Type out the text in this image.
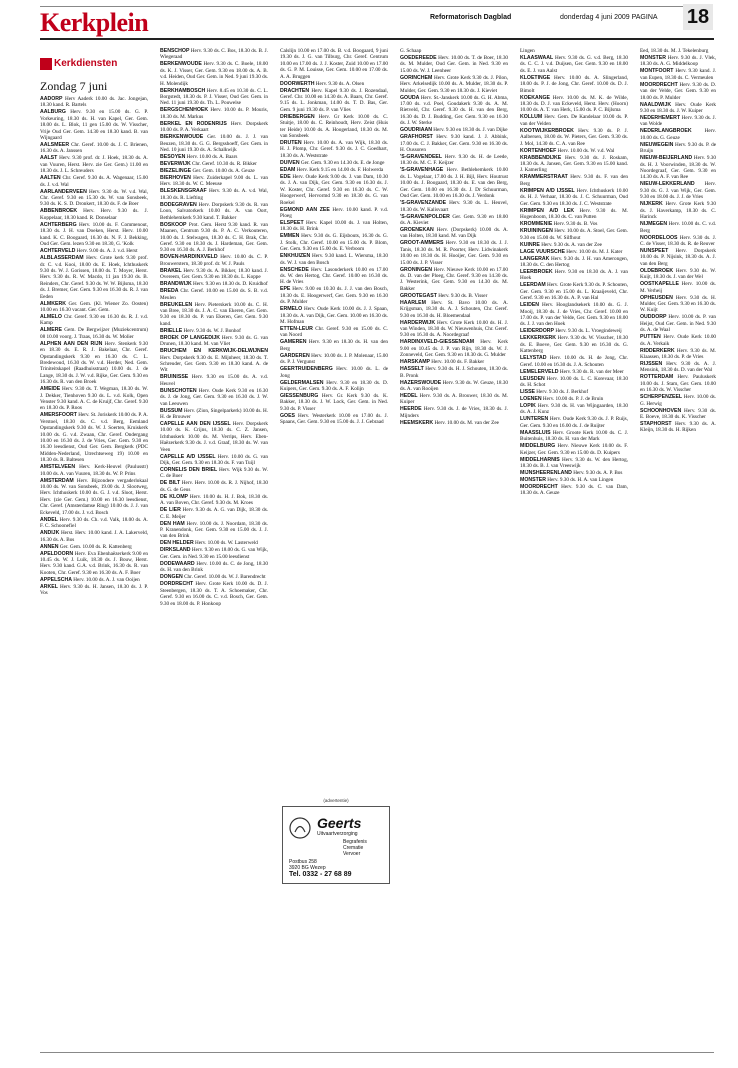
Kerkplein	Reformatorisch Dagblad	donderdag 4 juni 2009 PAGINA 18
Kerkdiensten
Zondag 7 juni

AADORP Herv Aaderk 10.00 ds. Jac. Jongejan, 18.30 kand. R. Bartels

AALBURG Herv. 9.30 en 15.00 ds. G. P. Vorkeuring, 18.30 ds. H. van Kapel, Ger. Gem. 18.00 ds. L. Blok, 11 gen 15.00 ds. W. Visscher, Vrije Oud Ger. Gem. 14.30 en 18.30 kand. B. van Wijngaard

AALSMEER Chr. Geref. 10.00 ds. J. C. Brienen, 16.30 ds. A. Janssen

AALST Herv. 9.30 prof. dr. J. Hoek, 18.30 ds. A. van Vuuren, Herst. Herv. zie Ger. Gem.) 11.00 en 18.30 ds. J. L. Schreuders

AALTEN Chr. Geref. 9.30 ds. A. Wagenaar, 15.00 ds. J. v.d. Wal

AARLANDERVEEN Herv. 9.30 ds. W. v.d. Wal, Chr. Geref. 9.30 en 15.30 ds. W. van Sonsbeek, 9.30 ds. K. S. D. Dronkert, 18.30 ds. F. de Boer

ABBENBROEK Herv. Herv. 9.30 ds. J. Koppelaar, 18.30 kand. R. Donselaar

ACHTERBERG Herv. 10.00 ds. F. Commenout, 18.30 ds. J. H. van Doeken, Herst. Herv. 10.00 kand. K. C. Boogaard, 16.30 ds. N. F. J. Bekking, Oud Ger. Gem. lezen 9.30 en 18.30, G. 'Kolk

ACHTERVELD Herv. 9.00 ds. A. J. v.d. Herst

ALBLASSERDAM Herv. Grote kerk 9.30 prof. dr. C. v.d. Kooi, 18.00 ds. E. Hoek, Ichthuskerk 9.30 ds. W. J. Gorissen, 18.00 ds. T. Moyer, Herst. Herv. 9.30 ds. R. W. Macdo, 11 jan 19.30 ds. B. Reinders, Chr. Geref. 9.30 ds. W. W. Bijlsma, 18.30 ds. J. Bremer, Ger. Gem. 9.30 en 16.30 ds. R. J. van Eeden

ALMKERK Ger. Gem. (Kl. Wiener Zo. Oosten) 10.00 en 16.30 vacant. Ger. Gem.

ALMELO Chr. Geref. 9.30 en 16.30 ds. R. J. v.d. Kamp

ALMERE Gem. De Bergwijzer (Muziekcentrum) 08 10.00 voorg. J. Traas, 16.30 ds. W. Molier

ALPHEN AAN DEN RIJN Herv. Stenkerk 9.30 en 18.30 ds. E. R. J. Bakelaar, Chr. Geref. Opstandingskerk 9.30 en 16.30 ds. C. L. Bredewoud, 16.30 ds. W. v.d. Herder, Ned. Gem. Triniteitskapel (Raadhuisstraat) 10.00 ds. J. de Lange, 18.30 ds. J. W. v.d. Rijke, Ger. Gem. 9.30 en 16.30 ds. R. van den Broek

AMEIDE Herv. 9.30 ds. T. Wegman, 18.30 ds. W. J. Dekker, Tienhoven 9.30 ds. L. v.d. Kolk, Open Venster 9.30 kand. A. C. de Kruijf, Chr. Geref. 9.30 en 18.30 ds. P. Roos

AMERSFOORT Herv. St. Joriskerk 10.00 ds. P. A. Verstoel, 18.30 ds. C. v.d. Berg, Eemland Opstandingskerk 9.30 ds. W. J. Soerten, Kruiskerk 10.00 ds. G. v.d. Zwaan, Chr. Geref. Ondergang 10.00 en 16.30 ds. J. de Vries, Ger. Gem. 9.30 en 16.30 leesdienst, Oud Ger. Gem. Bergkerk (PDC Midden-Nederland, Utrechtseweg 19) 10.00 en 18.30 ds. R. Baltesen

AMSTELVEEN Herv. Kerk-Heuvel (Paulusstr) 10.00 ds. A. van Vuuren, 18.30 ds. W. P. Prins

AMSTERDAM Herv. Bijzondere vergaderlokaal 10.00 ds. W. van Sonsbeek, 19.00 ds. J. Slootweg, Herv. Ichthuskerk 10.00 ds. G. J. v.d. Sloot, Herst. Herv. (zie Ger. Gem.) 10.00 en 16.30 leesdienst, Chr. Geref. (Amsterdamse Ring) 10.00 ds. J. J. van Eckeveld, 17.00 ds. J. v.d. Bosch

ANDEL Herv. 9.30 ds. Ch. v.d. Valk, 18.00 ds. A. F. C. Schoonefiel

ANDIJK Herst. Herv. 10.00 kand. J. A. Lakerveld, 16.30 ds. A. Bos

ANNEN Ger. Gem. 10.00 ds. R. Kattenberg

APELDOORN Herv. Eva Ebenhaëzerkerk 9.00 en 10.45 ds. W. J. Luik, 18.30 ds. J. Bouw, Herst. Herv. 9.30 kand. G.A. v.d. Brink, 16.30 ds. R. van Kooten, Chr. Geref. 9.30 en 16.30 ds. A. F. Boer

APPELSCHA Herv. 10.00 ds. A. J. van Ooijen

ARKEL Herv. 9.30 ds. H. Jansen, 18.30 ds. J. P. Vos

BENSCHOP Herv. 9.30 ds. C. Bos, 18.30 ds. B. J. Wiegeraad

BERKENWOUDE Herv. 9.30 ds. C. Boele, 18.00 ds. K. J. Visser, Ger. Gem. 9.30 en 18.00 ds. A. B. v.d. Heiden, Oud Ger. Gem. in Ned. 9 juni 19.30 ds. H. Molendijk

BERKHAMBOSCH Herv. 8.45 en 10.30 ds. C. L. Borgstedt, 18.30 ds. P. J. Visser, Oud Ger. Gem. in Ned. 11 juni 19.30 ds. Th. L. Pouwelse

BERGSCHENHOEK Herv. 10.00 ds. P. Mouris, 18.30 ds. M. Markus

BERKEL EN RODENRIJS Herv. Dorpskerk 10.00 ds. P. A. Verkaart

BIERKENWOUDE Ger. 10.00 ds. J. J. van Beuzen, 18.30 ds. G. G. Bergsshoeff, Ger. Gem. in Ned. 10 juni 19.30 ds. A. Schalkwijk

BESOYEN Herv. 10.00 ds. A. Baars

BEVERWIJK Chr. Geref. 10.30 ds. R. Bikker

BIEZELINGE Ger. Gem. 10.00 ds. A. Geuze

BIERHOVEN Herv. Zuiderkapel 9.00 ds. L. van Herv. 18.30 ds. W. C. Meeuse

BLESKENSGRAAF Herv. 9.30 ds. A. v.d. Wal, 18.30 ds. R. Liefting

BODEGRAVEN Herv. Dorpskerk 9.30 ds. R. van Loon, Salvatorkerk 10.00 ds. A. van Oort, Bethlehemkerk 9.30 kand. T. Bakker

BOSKOOP Prot. Gem. Herst 9.30 kand. R. van Maanen, Centrum 9.30 ds. P. A. C. Verkouteren, 10.00 ds. J. Stelwagen, 18.30 ds. C. H. Brak, Chr. Geref. 9.30 en 18.30 ds. J. Hardeman, Ger. Gem. 9.30 en 16.30 ds. A. J. Berkhof

BOVEN-HARDINXVELD Herv. 10.00 ds. C. P. Brouwerstern, 18.30 prof. dr. W. J. Pauls

BRAKEL Herv. 9.30 ds. A. Bikker, 18.30 kand. J. Overeem, Ger. Gem. 9.30 en 18.30 ds. L. Koppe

BRANDWIJK Herv. 9.30 en 18.30 ds. D. Kruidhof

BREDA Chr. Geref. 10.00 en 15.00 ds. S. B. v.d. Meulen

BREUKELEN Herv. Pieterskerk 10.00 ds. C. H. van Bree, 18.30 ds. J. A. C. van Ekeren, Ger. Gem. 9.30 en 18.30 ds. P. van Ekeren, Ger. Gem. 9.30 kand.

BRIELLE Herv. 9.30 ds. W. J. Bonhof

BROEK OP LANGEDIJK Herv. 9.30 ds. G. van Drunen, 18.30 kand. M. van Vliet

BRUCHEM EN KERKWIJK-DELWIJNEN Herv. Dorpskerk 9.30 ds. E. Mijnheer, 18.30 ds. T. Schreuder, Ger. Gem. 9.30 en 18.30 kand. A. de Wit

BRUINISSE Herv. 9.30 en 15.00 ds. A. v.d. Heuvel

BUNSCHOTEN Herv. Oude Kerk 9.30 en 16.30 ds. J. de Jong, Ger. Gem. 9.30 en 16.30 ds. J. W. van Leeuwen

BUSSUM Herv. (Zion, Singelparkerk) 10.00 ds. H. H. de Brouwer

CAPELLE AAN DEN IJSSEL Herv. Dorpskerk 10.00 ds. K. Crijns, 18.30 ds. C. Z. Jansen, Ichthuskerk 10.00 ds. M. Verrips, Herv. Eben-Haëzerkerk 9.30 ds. J. v.d. Graaf, 18.30 ds. W. van Veen

CAPELLE A/D IJSSEL Herv. 10.00 ds. G. van Dijk, Ger. Gem. 9.30 en 18.30 ds. F. van Tuijl

CORNELIS DEN BRIEL Herv. Wijk 9.30 ds. W. C. de Boer

DE BILT Herv. Herv. 10.00 ds. R. J. Nijhof, 18.30 ds. G. de Geus

DE KLOMP Herv. 10.00 ds. H. J. Bok, 18.30 ds. A. van Boven, Chr. Geref. 9.30 ds. M. Kroes

DE LIER Herv. 9.30 ds. A. G. van Dijk, 18.30 ds. C. E. Meijer

DEN HAM Herv. 10.00 ds. J. Noordam, 18.30 ds. P. Kranendonk, Ger. Gem. 9.30 en 15.00 ds. J. J. van den Brink

DEN HELDER Herv. 10.00 ds. W. Lasterweld

DIRKSLAND Herv. 9.30 en 18.00 ds. G. van Wijk, Ger. Gem. in Ned. 9.30 en 15.00 leesdienst

DODEWAARD Herv. 10.00 ds. C. de Jong, 18.30 ds. H. van den Brink

DONGEN Chr. Geref. 10.00 ds. W. J. Barendrecht

DORDRECHT Herv. Grote Kerk 10.00 ds. D. J. Steenbergen, 18.30 ds. T. A. Schoemaker, Chr. Geref. 9.30 en 16.00 ds. C. v.d. Bosch, Ger. Gem. 9.30 en 18.00 ds. P. Honkoop

Calslijn 10.00 en 17.00 ds. B. v.d. Boogaard, 9 juni 19.30 ds. J. G. van Tilburg, Chr. Geref. Centrum 10.00 en 17.00 ds. J. J. Koster, Zuid 10.00 en 17.00 ds. G. P. M. Louisse, Ger. Gem. 10.00 en 17.00 ds. A. A. Bruggen

DOORWERTH Herv. 9.30 ds. A. Olsen

DRACHTEN Herv. Kapel 9.30 ds. J. Rozendaal, Geref. Chr. 10.00 en 14.30 ds. A. Baars, Chr. Geref. 9.15 ds. L. Jonkman, 14.00 ds. T. D. Bas, Ger. Gem. 9 juni 19.30 ds. P. van Vlies

DRIEBERGEN Herv. Gr Kerk 10.00 ds. C. Stuitje, 18.00 ds. C. Reinhoudt, Herv. Zeist (Huis ter Heide) 10.00 ds. A. Hoogerland, 18.30 ds. M. van Sonsbeek

DRUTEN Herv. 10.00 ds. A. van Wijk, 18.30 ds. H. J. Plomp, Chr. Geref. 9.30 ds. J. C. Goedhart, 18.30 ds. A. Weststrate

DUIVEN Ger. Gem. 9.30 en 14.30 ds. E. de Jonge

EDAM Herv. Kerk 9.15 en 14.00 ds. F. Holwerda

EDE Herv. Oude Kerk 9.00 ds. J. van Dam, 10.30 ds. J. A. van Dijk, Ger. Gem. 9.30 en 16.30 ds. J. W. Koster, Chr. Geref. 9.30 en 16.30 ds. C. W. Hoogerwerf, Hervormd 9.30 en 18.30 ds. G. van Roekel

EGMOND AAN ZEE Herv. 10.00 kand. P. v.d. Ploeg

ELSPEET Herv. Kapel 10.00 ds. J. van Holten, 18.30 ds. H. Brink

EMMEN Herv. 9.30 ds. G. Eijsbouts, 16.30 ds. G. J. Stolk, Chr. Geref. 10.00 en 15.00 ds. P. Blom, Ger. Gem. 9.30 en 15.00 ds. E. Verboom

ENKHUIZEN Herv. 9.30 kand. L. Wiersma, 18.30 ds. W. J. van den Bosch

ENSCHEDE Herv. Lasonderkerk 10.00 en 17.00 ds. W. den Hertog, Chr. Geref. 10.00 en 16.30 ds. H. de Vries

EPE Herv. 9.00 en 10.30 ds. J. J. van den Bosch, 18.30 ds. E. Hoogerwerf, Ger. Gem. 9.30 en 16.30 ds. P. Mulder

ERMELO Herv. Oude Kerk 10.00 ds. J. J. Spaan, 18.30 ds. A. van Dijk, Ger. Gem. 10.00 en 16.30 ds. M. Hofman

ETTEN-LEUR Chr. Geref. 9.30 en 15.00 ds. C. van Noord

GAMEREN Herv. 9.30 en 18.30 ds. H. van den Berg

GARDEREN Herv. 10.00 ds. J. P. Molenaar, 15.00 ds. P. J. Vergunst

GEERTRUIDENBERG Herv. 10.00 ds. L. de Jong

GELDERMALSEN Herv. 9.30 en 18.30 ds. D. Kuipers, Ger. Gem. 9.30 ds. A. F. Kolijn

GIESSENBURG Herv. Gr. Kerk 9.30 ds. K. Bakker, 18.30 ds. J. W. Lock, Ger. Gem. in Ned. 9.30 ds. P. Visser

GOES Herv. Westerkerk 10.00 en 17.00 ds. J. Spaans, Ger. Gem. 9.30 en 15.00 ds. J. J. Gebraad

G. Schaap

GOEDEREEDE Herv. 10.00 ds. T. de Boer, 18.30 ds. M. Mulder, Oud Ger. Gem. in Ned. 9.30 en 15.00 ds. W. J. Leenheer

GORINCHEM Herv. Grote Kerk 9.30 ds. J. Pilon, Herv. Arkelsedijk 10.00 ds. A. Mulder, 18.30 ds. P. Mulder, Ger. Gem. 9.30 en 18.30 ds. J. Kieviet

GOUDA Herv. St.-Janskerk 10.00 ds. G. H. Abma, 17.00 ds. v.d. Poel, Goudakerk 9.30 ds. A. M. Rietveld, Chr. Geref. 9.30 ds. H. van den Berg, 16.30 ds. D. J. Budding, Ger. Gem. 9.30 en 16.30 ds. J. W. Sterke

GOUDRIAAN Herv. 9.30 en 18.30 ds. J. van Dijke

GRAFHORST Herv. 9.30 kand. J. J. Abbink, 17.00 ds. C. J. Bakker, Ger. Gem. 9.30 en 16.30 ds. H. Oussoren

'S-GRAVENDEEL Herv. 9.30 ds. H. de Leede, 18.30 ds. M. C. F. Keijzer

'S-GRAVENHAGE Herv. Bethlehemkerk 10.00 ds. L. Vogelaar, 17.00 ds. J. H. Bijl, Herv. Houtrust 10.00 ds. J. Boogaard, 18.30 ds. E. van den Berg, Ger. Gem. 10.00 en 16.30 ds. J. Dr Schuurman, Oud Ger. Gem. 10.00 en 16.30 ds. J. Verdonk

'S-GRAVENZANDE Herv. 9.30 ds. L. Heuvel, 18.30 ds. W. Kalisvaart

'S-GRAVENPOLDER Ger. Gem. 9.30 en 18.00 ds. A. Kieviet

GROENEKAN Herv. (Dorpskerk) 10.00 ds. A. van Holten, 18.30 kand. M. van Dijk

GROOT-AMMERS Herv. 9.30 en 18.30 ds. J. J. Tanis, 18.30 ds. M. R. Poorter, Herv. Lidwinakerk 10.00 en 18.30 ds. H. Hooijer, Ger. Gem. 9.30 en 15.00 ds. J. P. Visser

GRONINGEN Herv. Nieuwe Kerk 10.00 en 17.00 ds. D. van der Ploeg, Chr. Geref. 9.30 en 14.30 ds. J. Westerink, Ger. Gem. 9.30 en 14.30 ds. M. Bakker

GROOTEGAST Herv. 9.30 ds. B. Visser

HAARLEM Herv. St. Bavo 10.00 ds. A. Krijgsman, 18.30 ds. A. J. Schouten, Chr. Geref. 9.30 en 16.30 ds. H. Bloemendaal

HARDERWIJK Herv. Grote Kerk 10.00 ds. H. J. van Winden, 18.30 ds. W. Nieuwenhuis, Chr. Geref. 9.30 en 16.30 ds. A. Noordegraaf

HARDINXVELD-GIESSENDAM Herv. Kerk 9.00 en 10.45 ds. J. P. van Rijn, 18.30 ds. W. J. Zonneveld, Ger. Gem. 9.30 en 18.30 ds. G. Mulder

HARSKAMP Herv. 10.00 ds. F. Bakker

HASSELT Herv. 9.30 ds. H. J. Schouten, 18.30 ds. B. Pronk

HAZERSWOUDE Herv. 9.30 ds. W. Geuze, 18.30 ds. A. van Rooijen

HEDEL Herv. 9.30 ds. A. Brouwer, 18.30 ds. M. Kuiper

HEERDE Herv. 9.30 ds. J. de Vries, 18.30 ds. J. Mijnders

HEEMSKERK Herv. 10.00 ds. M. van der Zee

Lingen

KLAASWAAL Herv. 9.30 ds. G. v.d. Berg, 18.30 ds. C. C. J. v.d. Duijsen, Ger. Gem. 9.30 en 18.00 ds. E. J. van Aalst

KLOETINGE Herv. 10.00 ds. A. Slingerland, 18.00 ds. P. J. de Jong, Chr. Geref. 10.00 ds. D. J. Bimolt

KOEKANGE Herv. 10.00 ds. M. K. de Wilde, 18.30 ds. D. J. van Eckeveld, Herst. Herv. (Hoorn) 10.00 ds. A. T. van Herk, 15.00 ds. P. C. Bijlsma

KOLLUM Herv. Gem. De Kandelaar 10.00 ds. P. van der Velden

KOOTWIJKERBROEK Herv. 9.30 ds. P. J. Aalbersen, 18.00 ds. W. Pieters, Ger. Gem. 9.30 ds. J. Mol, 14.30 ds. C. A. van Ree

KORTENHOEF Herv. 10.00 ds. W. v.d. Wal

KRABBENDIJKE Herv. 9.30 ds. J. Roskam, 18.30 ds. A. Jansen, Ger. Gem. 9.30 en 15.00 kand. J. Kamerling

KRAMMERSTRAAT Herv. 9.30 ds. F. van den Berg

KRIMPEN A/D IJSSEL Herv. Ichthuskerk 10.00 ds. H. J. Verhaar, 18.30 ds. J. C. Schuurman, Oud Ger. Gem. 9.30 en 18.30 ds. J. C. Weststrate

KRIMPEN A/D LEK Herv. 9.30 ds. M. Hogenboom, 18.30 ds. C. van Putten

KROMMENIE Herv. 9.30 ds. B. Vos

KRUININGEN Herv. 10.00 ds. A. Stoel, Ger. Gem. 9.30 en 15.00 ds. W. Silfhout

KUINRE Herv. 9.30 ds. A. van der Zee

LAGE VUURSCHE Herv. 10.00 ds. M. J. Kater

LANGERAK Herv. 9.30 ds. J. H. van Amerongen, 18.30 ds. C. den Hertog

LEERBROEK Herv. 9.30 en 18.30 ds. A. J. van Hoek

LEERDAM Herv. Grote Kerk 9.30 ds. P. Schouten, Ger. Gem. 9.30 en 15.00 ds. L. Kraaijeveld, Chr. Geref. 9.30 en 16.30 ds. A. P. van Hal

LEIDEN Herv. Hooglandsekerk 10.00 ds. G. J. Mooij, 18.30 ds. J. de Vries, Chr. Geref. 10.00 en 17.00 ds. P. van der Velde, Ger. Gem. 9.30 en 18.00 ds. J. J. van den Hoek

LEIDERDORP Herv. 9.30 ds. L. Vroegindeweij

LEKKERKERK Herv. 9.30 ds. W. Visscher, 18.30 ds. E. Boeve, Ger. Gem. 9.30 en 16.30 ds. G. Kattenberg

LELYSTAD Herv. 10.00 ds. H. de Jong, Chr. Geref. 10.00 en 16.30 ds. J. A. Schouten

LEMELERVELD Herv. 9.30 ds. R. van der Meer

LEUSDEN Herv. 10.00 ds. L. C. Korevaar, 18.30 ds. H. Schot

LISSE Herv. 9.30 ds. J. Berkhof

LOENEN Herv. 10.00 ds. P. J. de Bruin

LOPIK Herv. 9.30 ds. H. van Wijngaarden, 18.30 ds. A. J. Kunz

LUNTEREN Herv. Oude Kerk 9.30 ds. J. P. Ruijs, Ger. Gem. 9.30 en 16.00 ds. J. de Ruijter

MAASSLUIS Herv. Groote Kerk 10.00 ds. C. J. Buitenhuis, 18.30 ds. H. van der Mark

MIDDELBURG Herv. Nieuwe Kerk 10.00 ds. F. Keijzer, Ger. Gem. 9.30 en 15.00 ds. D. Kuipers

MIDDELHARNIS Herv. 9.30 ds. W. den Hertog, 18.30 ds. B. J. van Vreeswijk

MIJNSHEERENLAND Herv. 9.30 ds. A. P. Bos

MONSTER Herv. 9.30 ds. H. A. van Lingen

MOORDRECHT Herv. 9.30 ds. C. van Dam, 18.30 ds. A. Geuze

Eed, 18.30 ds. M. J. Tekelenburg

MONSTER Herv. 9.30 ds. J. Vlek, 18.30 ds. A. G. Middelkoop

MONTFOORT Herv. 9.30 kand. J. van Eupen, 18.30 ds. C. Vermeulen

MOORDRECHT Herv. 9.30 ds. D. van der Velde, Ger. Gem. 9.30 en 18.00 ds. P. Mulder

NAALDWIJK Herv. Oude Kerk 9.30 en 18.30 ds. J. W. Kuiper

NEDERHEMERT Herv. 9.30 ds. J. van Wolde

NEDERLANGBROEK	Herv. 10.00 ds. G. Geuze

NIEUWEGEIN Herv. 9.30 ds. P. de Bruijn

NIEUW-BEIJERLAND Herv. 9.30 ds. H. J. Voorwinden, 18.30 ds. W. Noordegraaf, Ger. Gem. 9.30 en 14.30 ds. A. F. van Ree

NIEUW-LEKKERLAND Herv. 9.30 ds. G. J. van Wijk, Ger. Gem. 9.30 en 18.00 ds. J. J. de Vries

NIJKERK Herv. Grote Kerk 9.30 ds. J. Haverkamp, 18.30 ds. C. Harinck

NIJMEGEN Herv. 10.00 ds. C. v.d. Berg

NOORDELOOS Herv. 9.30 ds. J. C. de Visser, 18.30 ds. R. de Reuver

NUNSPEET Herv. Dorpskerk 10.00 ds. P. Nijsink, 18.30 ds. A. J. van den Berg

OLDEBROEK Herv. 9.30 ds. W. Kuijt, 18.30 ds. J. van der Wel

OOSTKAPELLE Herv. 10.00 ds. M. Verheij

OPHEUSDEN Herv. 9.30 ds. H. Mulder, Ger. Gem. 9.30 en 16.30 ds. W. Kuijt

OUDDORP Herv. 10.00 ds. P. van Heijst, Oud Ger. Gem. in Ned. 9.30 ds. A. de Waal

PUTTEN Herv. Oude Kerk 10.00 ds. A. Verkaik

RIDDERKERK Herv. 9.30 ds. M. Klaassen, 18.30 ds. P. de Vries

RIJSSEN Herv. 9.30 ds. A. J. Mensink, 18.30 ds. D. van der Wal

ROTTERDAM Herv. Pauluskerk 10.00 ds. J. Stam, Ger. Gem. 10.00 en 16.30 ds. W. Visscher

SCHERPENZEEL Herv. 10.00 ds. G. Herwig

SCHOONHOVEN Herv. 9.30 ds. E. Boeve, 18.30 ds. K. Visscher

STAPHORST Herv. 9.30 ds. A. Kleijn, 18.30 ds. H. Rijken

(advertentie)
Geerts
Uitvaartverzorging
Begrafenis
Crematie
Vervoer
Postbus 258
3920 BG Wezep
Tel. 0332 - 27 68 89
